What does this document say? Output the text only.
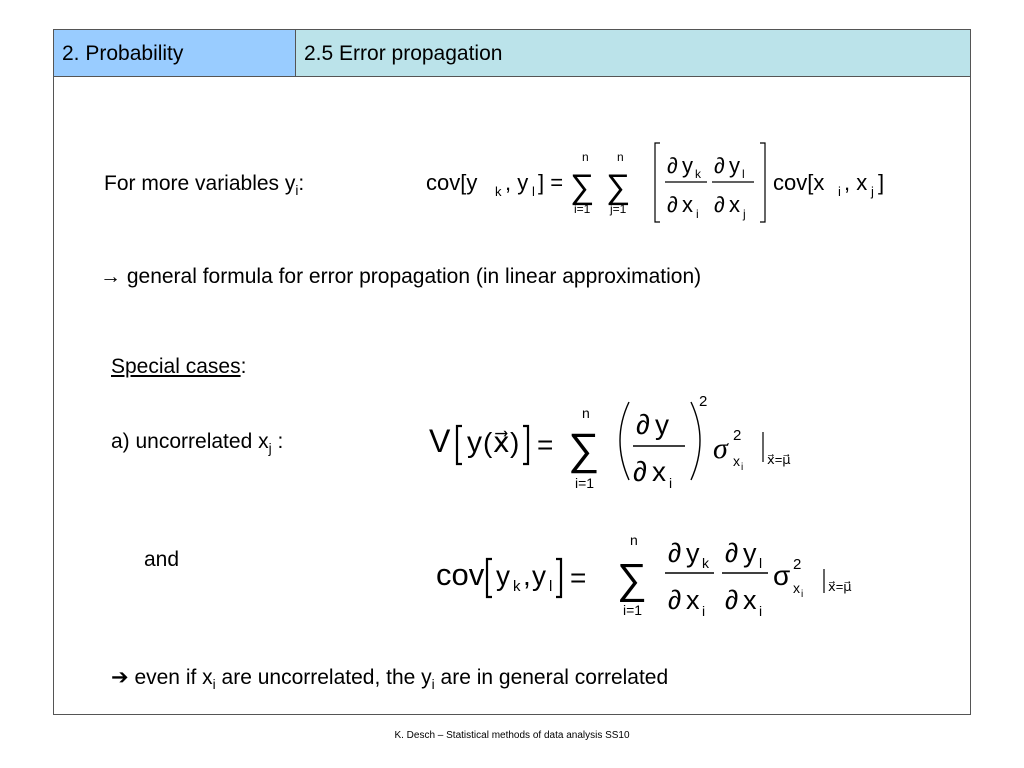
2. Probability	2.5 Error propagation
For more variables $y_i$:	cov[y k , y l ] =
n
∑
i=1
n
∑
j=1
∂ y k
∂ x i
∂ y l
∂ x j
cov[x i , x j ]
→ general formula for error propagation (in linear approximation)
Special cases:
a) uncorrelated $x_j$ :	V y ( x⃗ ) =
n
∑
i=1
2
∂ y
∂ x i
σ 2
x i
x⃗=μ⃗
and	cov y k , y l =
n
∑
i=1
∂ y k
∂ x i
∂ y l
∂ x i
σ 2
x i
x⃗=μ⃗
➔ even if $x_i$ are uncorrelated, the $y_i$ are in general correlated
K. Desch – Statistical methods of data analysis SS10
